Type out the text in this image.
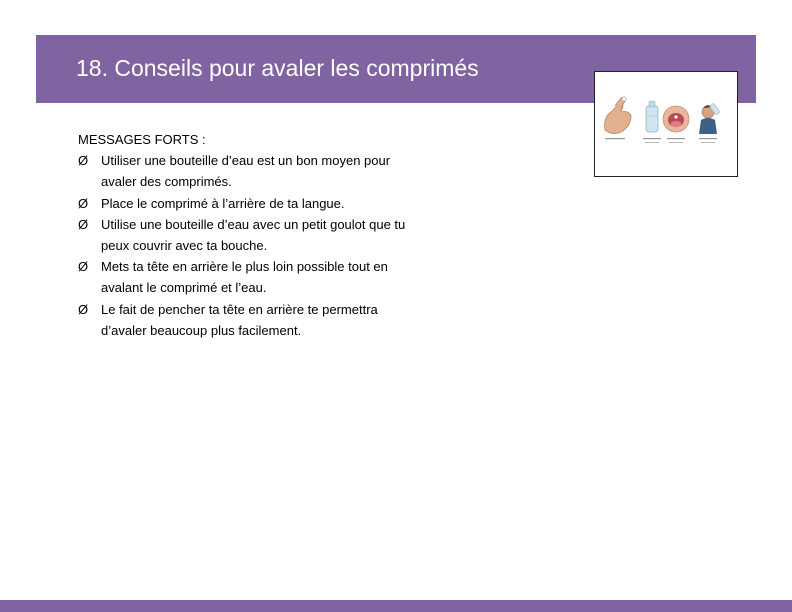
18. Conseils pour avaler les comprimés

MESSAGES FORTS :

Ø Utiliser une bouteille d’eau est un bon moyen pour avaler des comprimés.
Ø Place le comprimé à l’arrière de ta langue.
Ø Utilise une bouteille d’eau avec un petit goulot que tu peux couvrir avec ta bouche.
Ø Mets ta tête en arrière le plus loin possible tout en avalant le comprimé et l’eau.
Ø Le fait de pencher ta tête en arrière te permettra d’avaler beaucoup plus facilement.
